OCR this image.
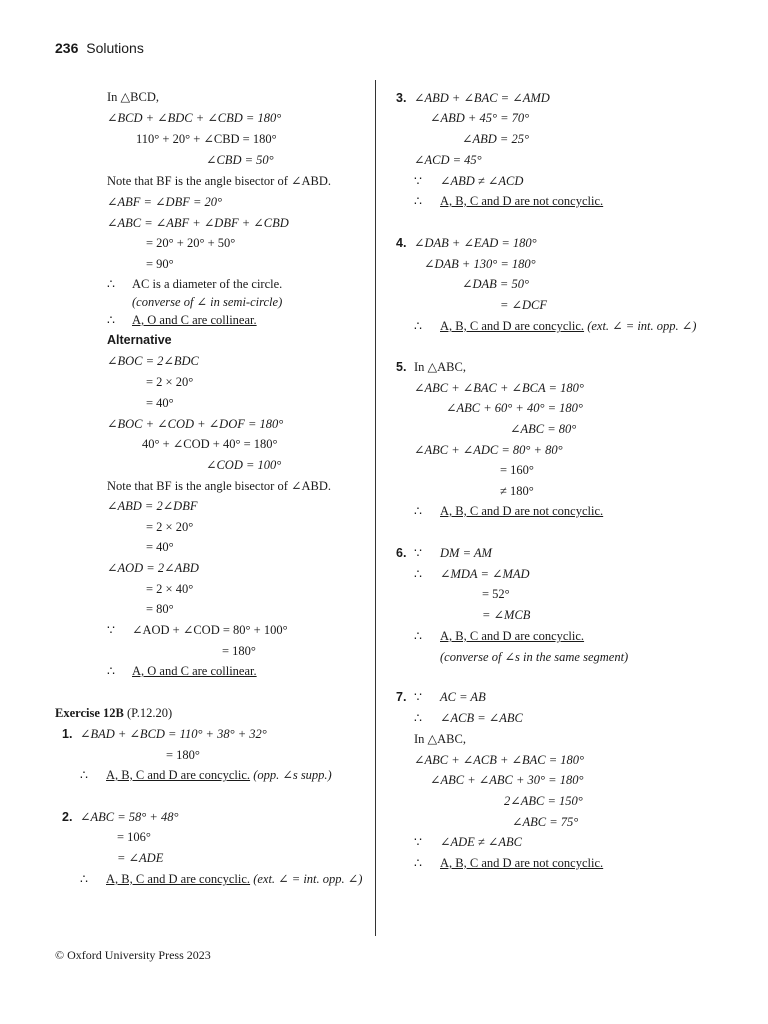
236 Solutions
In △BCD,
∠BCD + ∠BDC + ∠CBD = 180°
110° + 20° + ∠CBD = 180°
∠CBD = 50°
Note that BF is the angle bisector of ∠ABD.
∠ABF = ∠DBF = 20°
∠ABC = ∠ABF + ∠DBF + ∠CBD
= 20° + 20° + 50°
= 90°
∴ AC is a diameter of the circle.
(converse of ∠ in semi-circle)
∴ A, O and C are collinear.
Alternative
∠BOC = 2∠BDC
= 2 × 20°
= 40°
∠BOC + ∠COD + ∠DOF = 180°
40° + ∠COD + 40° = 180°
∠COD = 100°
Note that BF is the angle bisector of ∠ABD.
∠ABD = 2∠DBF
= 2 × 20°
= 40°
∠AOD = 2∠ABD
= 2 × 40°
= 80°
∵ ∠AOD + ∠COD = 80° + 100°
= 180°
∴ A, O and C are collinear.
Exercise 12B (P.12.20)
1. ∠BAD + ∠BCD = 110° + 38° + 32°
= 180°
∴ A, B, C and D are concyclic. (opp. ∠s supp.)
2. ∠ABC = 58° + 48°
= 106°
= ∠ADE
∴ A, B, C and D are concyclic. (ext. ∠ = int. opp. ∠)
3. ∠ABD + ∠BAC = ∠AMD
∠ABD + 45° = 70°
∠ABD = 25°
∠ACD = 45°
∵ ∠ABD ≠ ∠ACD
∴ A, B, C and D are not concyclic.
4. ∠DAB + ∠EAD = 180°
∠DAB + 130° = 180°
∠DAB = 50°
= ∠DCF
∴ A, B, C and D are concyclic. (ext. ∠ = int. opp. ∠)
5. In △ABC,
∠ABC + ∠BAC + ∠BCA = 180°
∠ABC + 60° + 40° = 180°
∠ABC = 80°
∠ABC + ∠ADC = 80° + 80°
= 160°
≠ 180°
∴ A, B, C and D are not concyclic.
6. ∵ DM = AM
∴ ∠MDA = ∠MAD
= 52°
= ∠MCB
∴ A, B, C and D are concyclic.
(converse of ∠s in the same segment)
7. ∵ AC = AB
∴ ∠ACB = ∠ABC
In △ABC,
∠ABC + ∠ACB + ∠BAC = 180°
∠ABC + ∠ABC + 30° = 180°
2∠ABC = 150°
∠ABC = 75°
∵ ∠ADE ≠ ∠ABC
∴ A, B, C and D are not concyclic.
© Oxford University Press 2023
